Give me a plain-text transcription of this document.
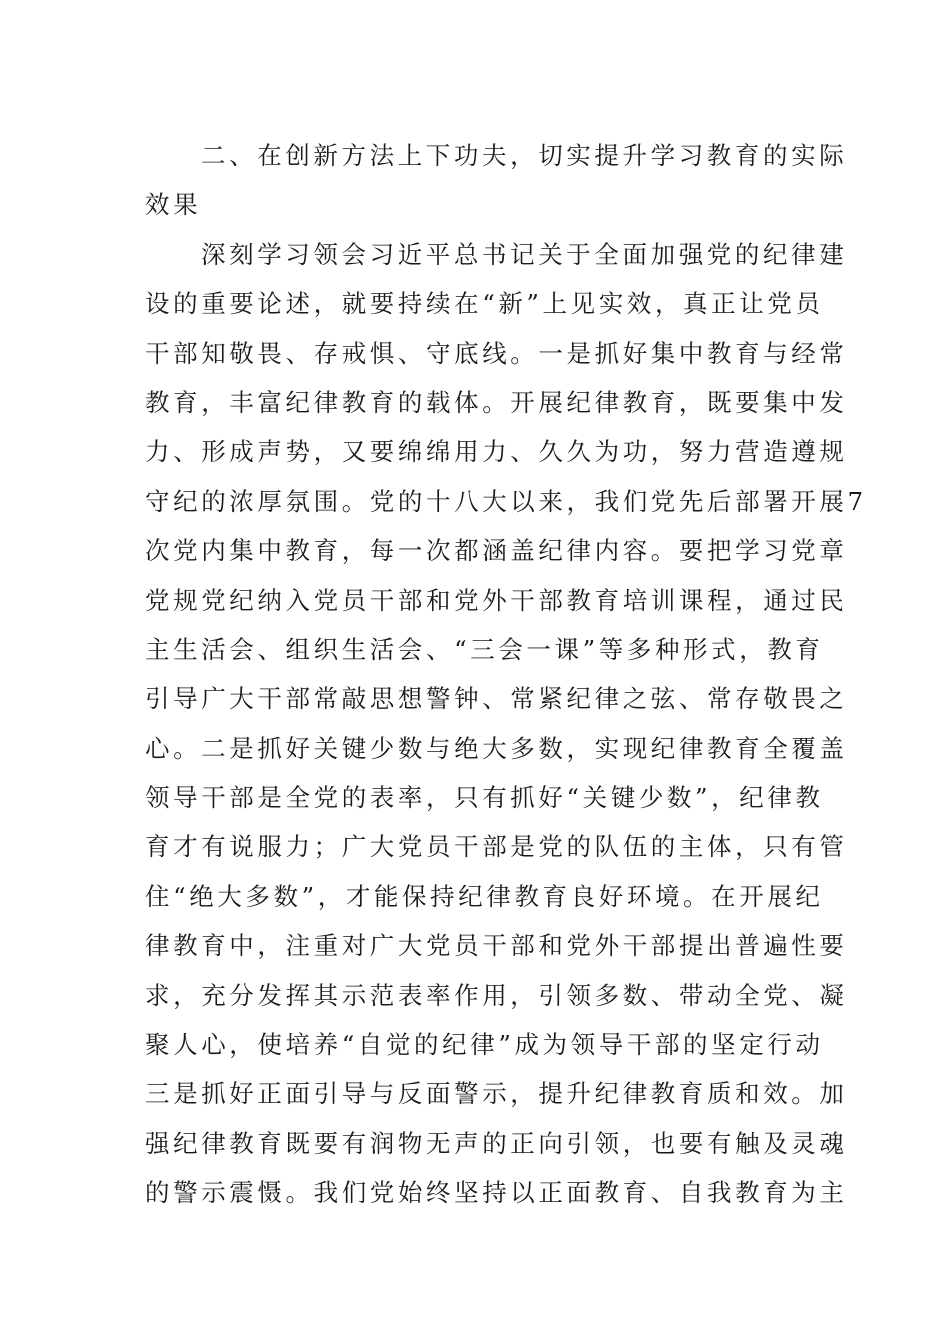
二、在创新方法上下功夫，切实提升学习教育的实际
效果
深刻学习领会习近平总书记关于全面加强党的纪律建
设的重要论述，就要持续在“新”上见实效，真正让党员
干部知敬畏、存戒惧、守底线。一是抓好集中教育与经常
教育，丰富纪律教育的载体。开展纪律教育，既要集中发
力、形成声势，又要绵绵用力、久久为功，努力营造遵规
守纪的浓厚氛围。党的十八大以来，我们党先后部署开展7
次党内集中教育，每一次都涵盖纪律内容。要把学习党章
党规党纪纳入党员干部和党外干部教育培训课程，通过民
主生活会、组织生活会、“三会一课”等多种形式，教育
引导广大干部常敲思想警钟、常紧纪律之弦、常存敬畏之
心。二是抓好关键少数与绝大多数，实现纪律教育全覆盖
领导干部是全党的表率，只有抓好“关键少数”，纪律教
育才有说服力；广大党员干部是党的队伍的主体，只有管
住“绝大多数”，才能保持纪律教育良好环境。在开展纪
律教育中，注重对广大党员干部和党外干部提出普遍性要
求，充分发挥其示范表率作用，引领多数、带动全党、凝
聚人心，使培养“自觉的纪律”成为领导干部的坚定行动
三是抓好正面引导与反面警示，提升纪律教育质和效。加
强纪律教育既要有润物无声的正向引领，也要有触及灵魂
的警示震慑。我们党始终坚持以正面教育、自我教育为主
